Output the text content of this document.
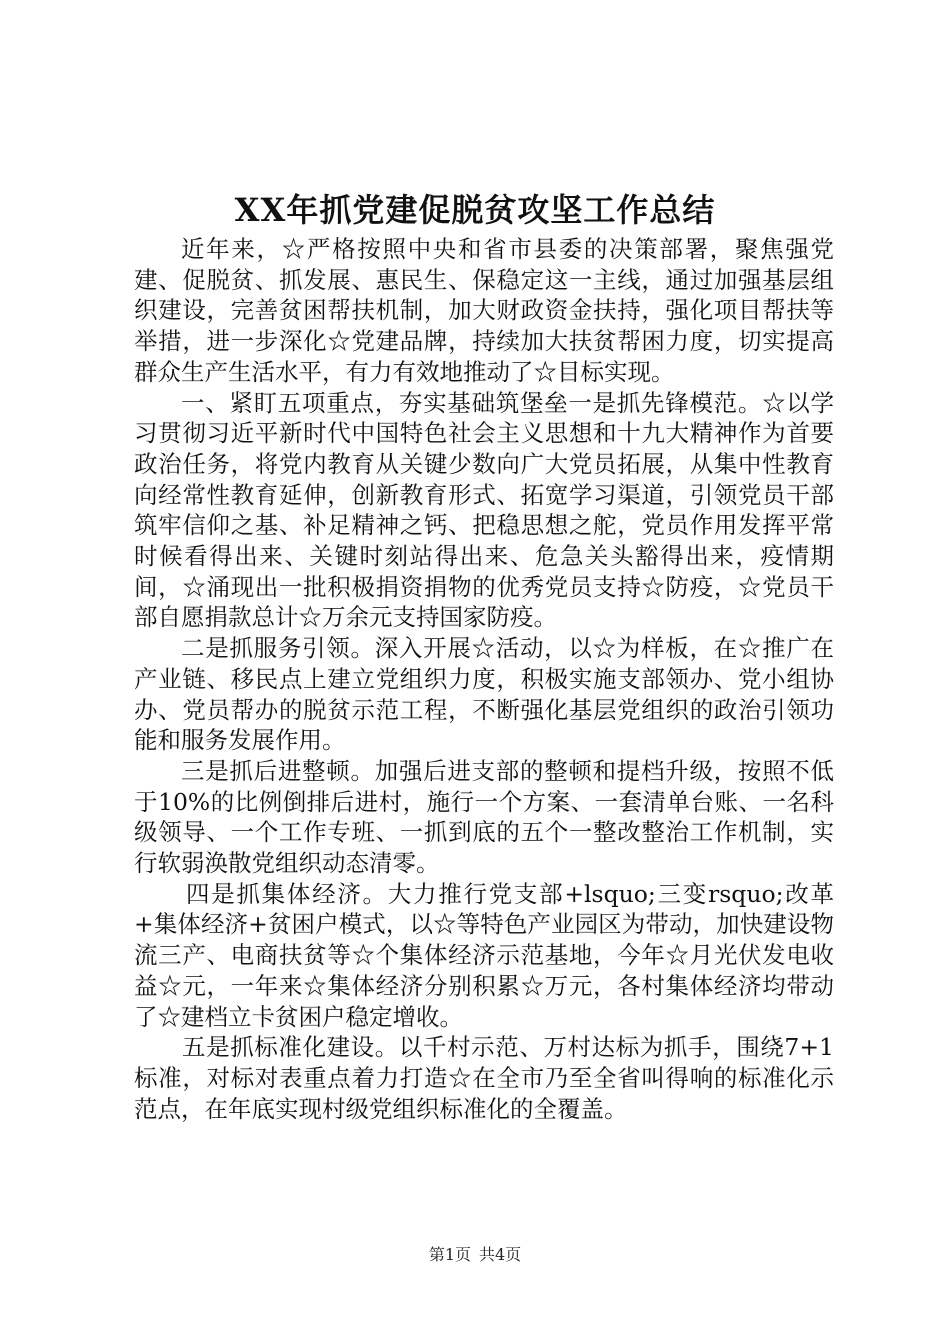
XX年抓党建促脱贫攻坚工作总结

近年来，☆严格按照中央和省市县委的决策部署，聚焦强党建、促脱贫、抓发展、惠民生、保稳定这一主线，通过加强基层组织建设，完善贫困帮扶机制，加大财政资金扶持，强化项目帮扶等举措，进一步深化☆党建品牌，持续加大扶贫帮困力度，切实提高群众生产生活水平，有力有效地推动了☆目标实现。

一、紧盯五项重点，夯实基础筑堡垒一是抓先锋模范。☆以学习贯彻习近平新时代中国特色社会主义思想和十九大精神作为首要政治任务，将党内教育从关键少数向广大党员拓展，从集中性教育向经常性教育延伸，创新教育形式、拓宽学习渠道，引领党员干部筑牢信仰之基、补足精神之钙、把稳思想之舵，党员作用发挥平常时候看得出来、关键时刻站得出来、危急关头豁得出来，疫情期间，☆涌现出一批积极捐资捐物的优秀党员支持☆防疫，☆党员干部自愿捐款总计☆万余元支持国家防疫。

二是抓服务引领。深入开展☆活动，以☆为样板，在☆推广在产业链、移民点上建立党组织力度，积极实施支部领办、党小组协办、党员帮办的脱贫示范工程，不断强化基层党组织的政治引领功能和服务发展作用。

三是抓后进整顿。加强后进支部的整顿和提档升级，按照不低于10%的比例倒排后进村，施行一个方案、一套清单台账、一名科级领导、一个工作专班、一抓到底的五个一整改整治工作机制，实行软弱涣散党组织动态清零。

四是抓集体经济。大力推行党支部+lsquo;三变rsquo;改革+集体经济+贫困户模式，以☆等特色产业园区为带动，加快建设物流三产、电商扶贫等☆个集体经济示范基地，今年☆月光伏发电收益☆元，一年来☆集体经济分别积累☆万元，各村集体经济均带动了☆建档立卡贫困户稳定增收。

五是抓标准化建设。以千村示范、万村达标为抓手，围绕7+1标准，对标对表重点着力打造☆在全市乃至全省叫得响的标准化示范点，在年底实现村级党组织标准化的全覆盖。

第1页 共4页
